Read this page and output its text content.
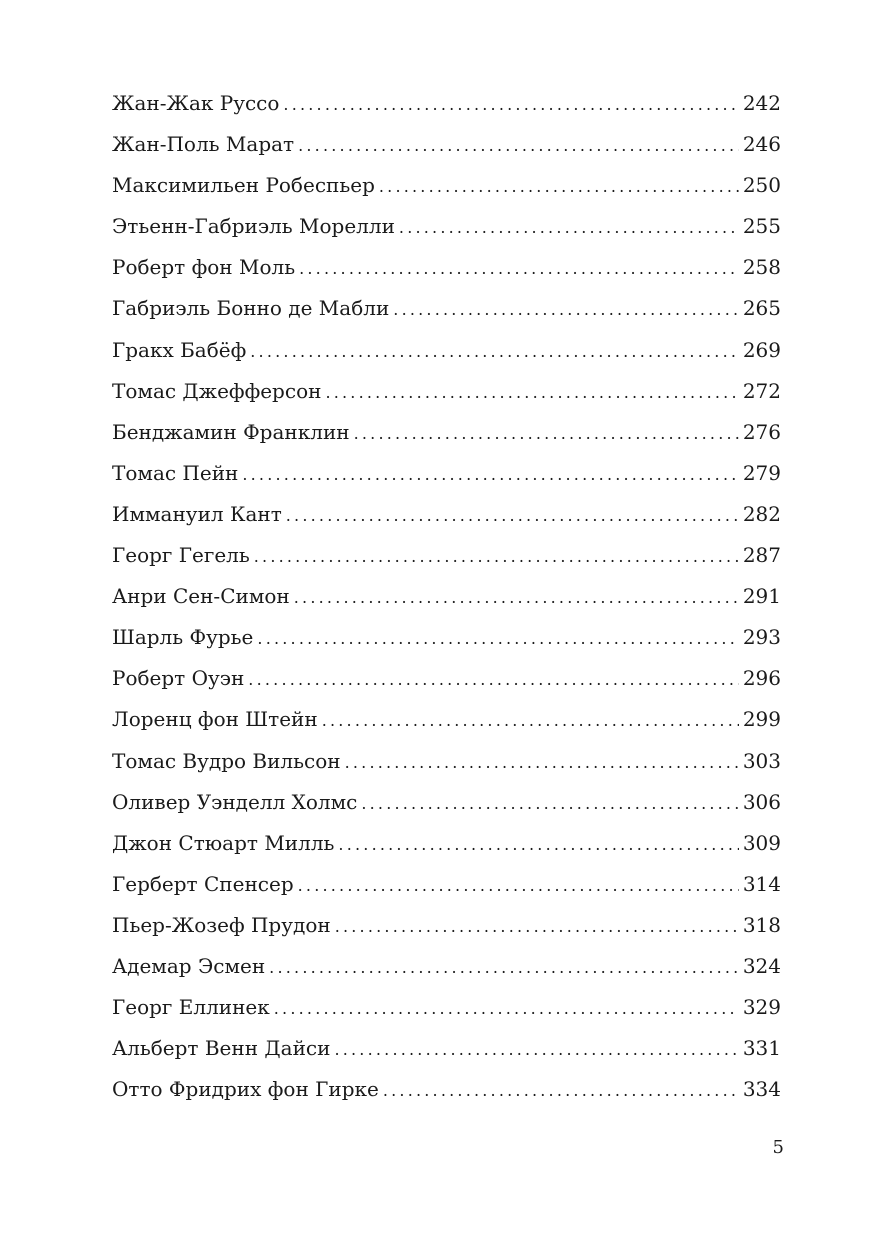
Жан-Жак Руссо .....	242
Жан-Поль Марат .....	246
Максимильен Робеспьер .....	250
Этьенн-Габриэль Морелли .....	255
Роберт фон Моль .....	258
Габриэль Бонно де Мабли .....	265
Гракх Бабёф .....	269
Томас Джефферсон .....	272
Бенджамин Франклин .....	276
Томас Пейн .....	279
Иммануил Кант .....	282
Георг Гегель .....	287
Анри Сен-Симон .....	291
Шарль Фурье .....	293
Роберт Оуэн .....	296
Лоренц фон Штейн .....	299
Томас Вудро Вильсон .....	303
Оливер Уэнделл Холмс .....	306
Джон Стюарт Милль .....	309
Герберт Спенсер .....	314
Пьер-Жозеф Прудон .....	318
Адемар Эсмен .....	324
Георг Еллинек .....	329
Альберт Венн Дайси .....	331
Отто Фридрих фон Гирке .....	334
5
